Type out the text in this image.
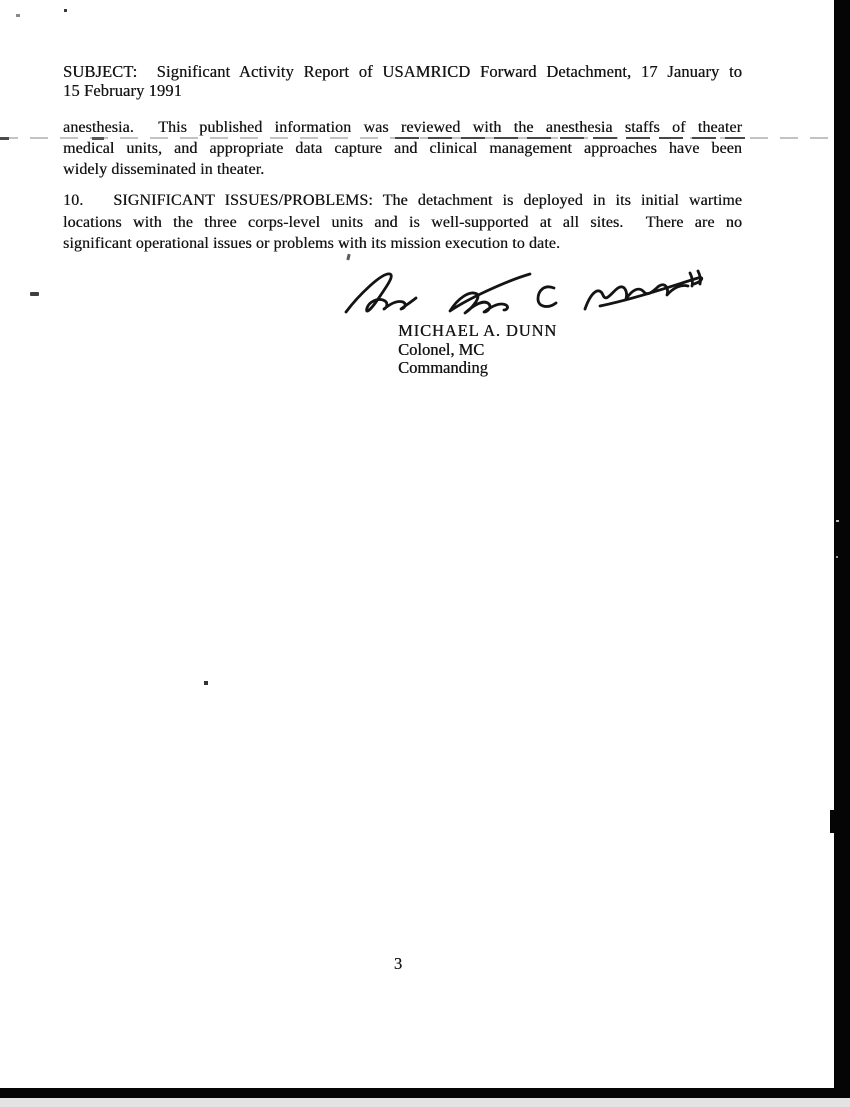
SUBJECT:  Significant Activity Report of USAMRICD Forward Detachment, 17 January to
15 February 1991
anesthesia.  This published information was reviewed with the anesthesia staffs of theater
medical units, and appropriate data capture and clinical management approaches have been
widely disseminated in theater.
10.   SIGNIFICANT ISSUES/PROBLEMS: The detachment is deployed in its initial wartime
locations with the three corps-level units and is well-supported at all sites.  There are no
significant operational issues or problems with its mission execution to date.
MICHAEL A. DUNN
Colonel, MC
Commanding
3
